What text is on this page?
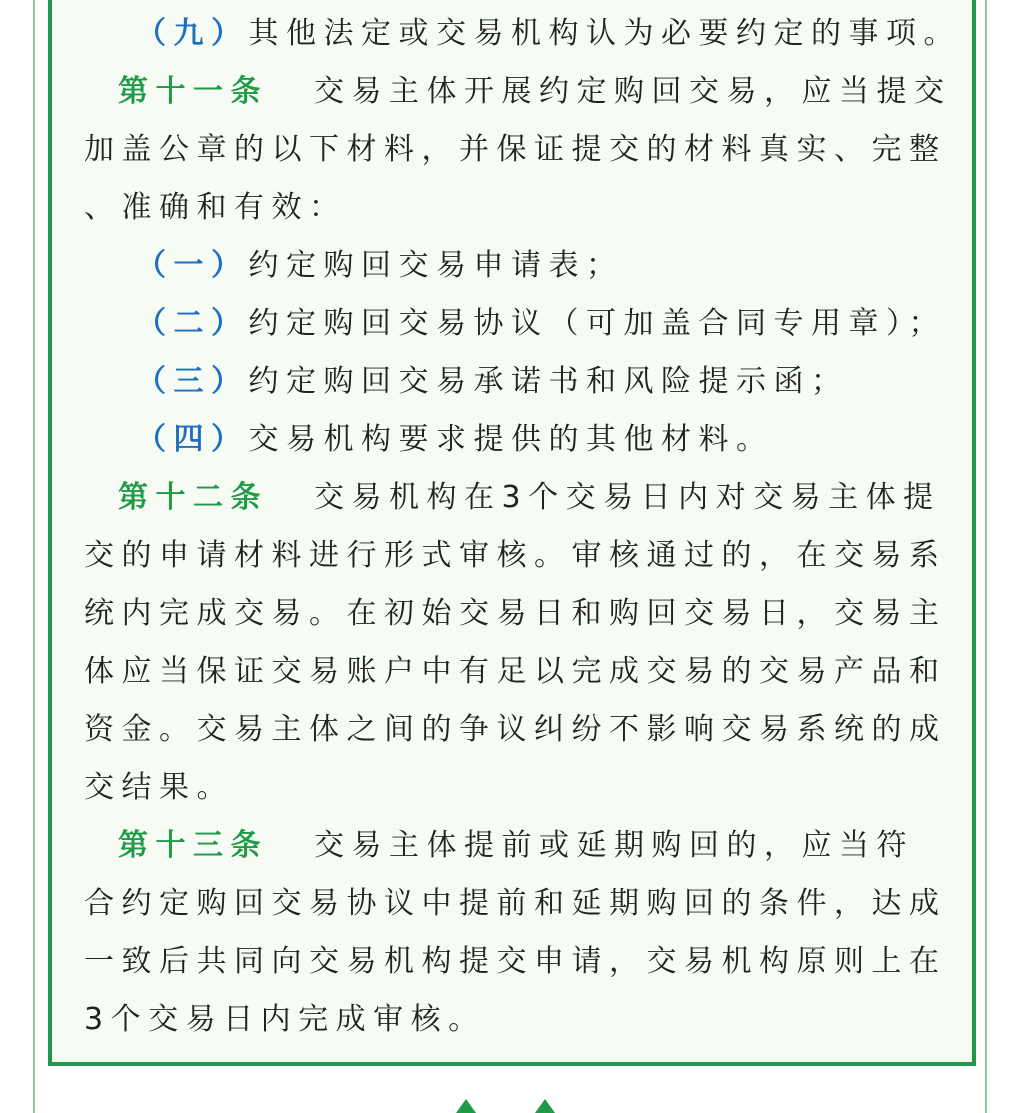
（九）其他法定或交易机构认为必要约定的事项。
第十一条 交易主体开展约定购回交易，应当提交
加盖公章的以下材料，并保证提交的材料真实、完整
、准确和有效：
（一）约定购回交易申请表；
（二）约定购回交易协议（可加盖合同专用章）；
（三）约定购回交易承诺书和风险提示函；
（四）交易机构要求提供的其他材料。
第十二条 交易机构在3个交易日内对交易主体提
交的申请材料进行形式审核。审核通过的，在交易系
统内完成交易。在初始交易日和购回交易日，交易主
体应当保证交易账户中有足以完成交易的交易产品和
资金。交易主体之间的争议纠纷不影响交易系统的成
交结果。
第十三条 交易主体提前或延期购回的，应当符
合约定购回交易协议中提前和延期购回的条件，达成
一致后共同向交易机构提交申请，交易机构原则上在
3个交易日内完成审核。
